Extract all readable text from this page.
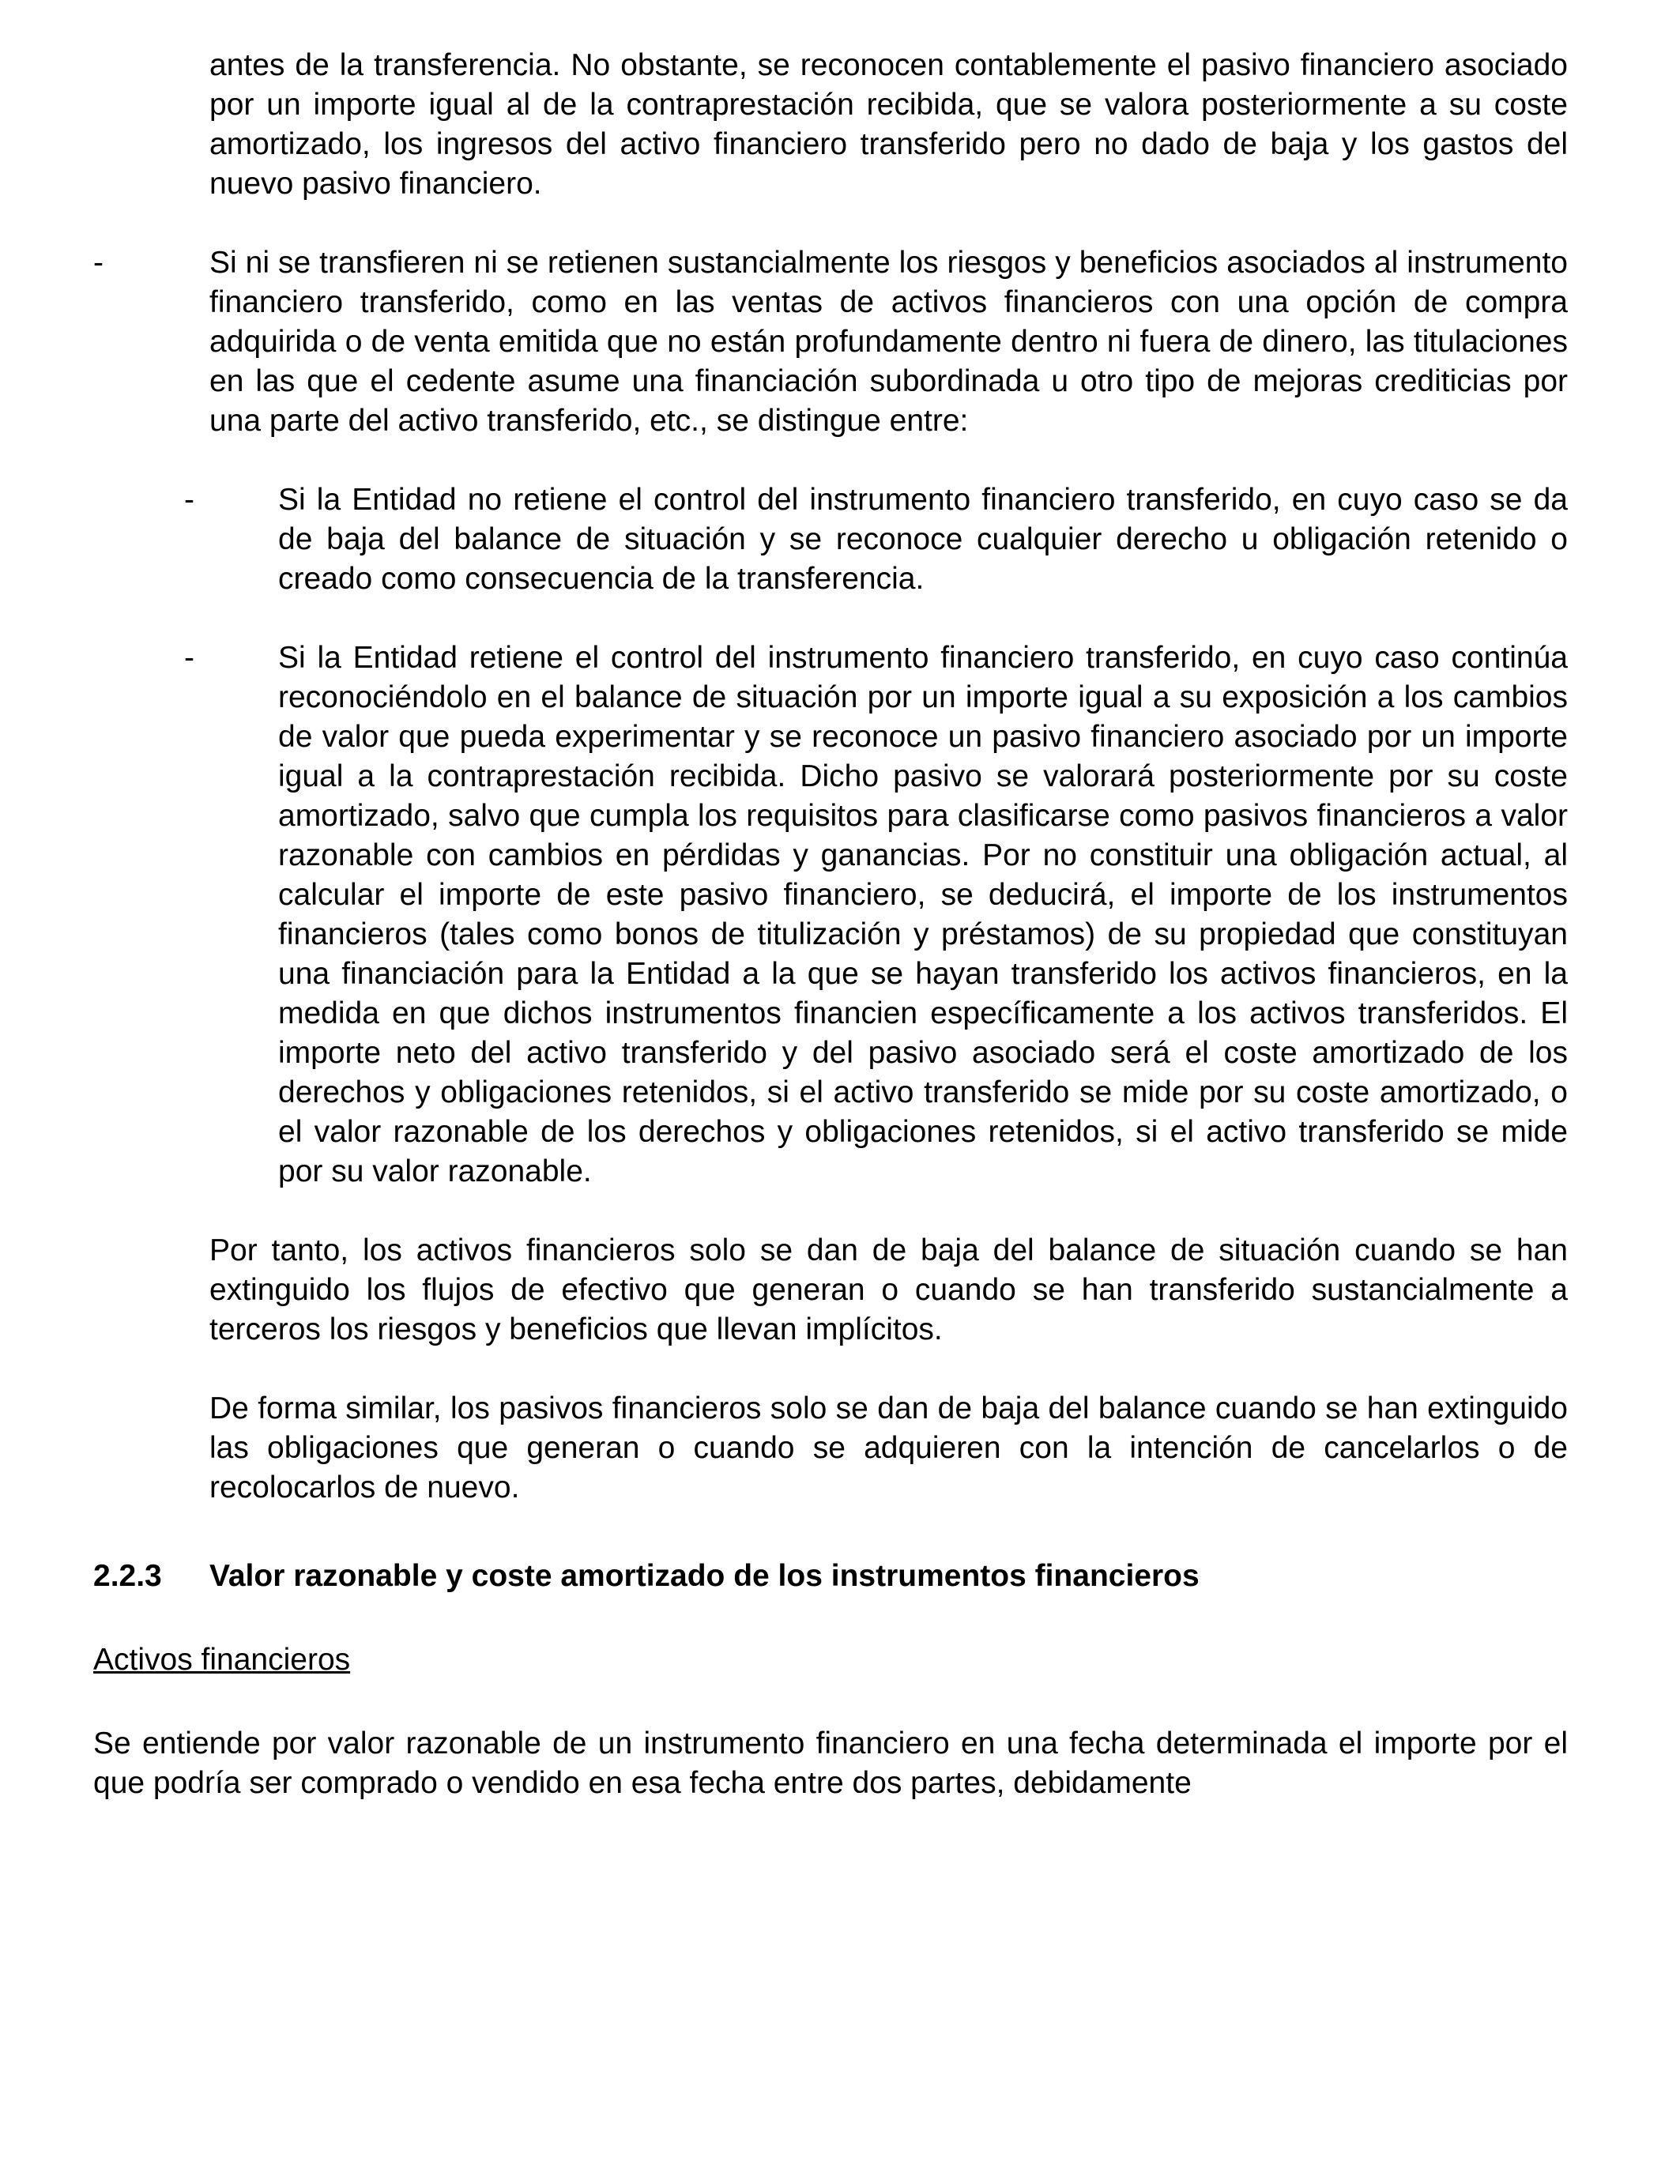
antes de la transferencia. No obstante, se reconocen contablemente el pasivo financiero asociado por un importe igual al de la contraprestación recibida, que se valora posteriormente a su coste amortizado, los ingresos del activo financiero transferido pero no dado de baja y los gastos del nuevo pasivo financiero.
-	Si ni se transfieren ni se retienen sustancialmente los riesgos y beneficios asociados al instrumento financiero transferido, como en las ventas de activos financieros con una opción de compra adquirida o de venta emitida que no están profundamente dentro ni fuera de dinero, las titulaciones en las que el cedente asume una financiación subordinada u otro tipo de mejoras crediticias por una parte del activo transferido, etc., se distingue entre:
-	Si la Entidad no retiene el control del instrumento financiero transferido, en cuyo caso se da de baja del balance de situación y se reconoce cualquier derecho u obligación retenido o creado como consecuencia de la transferencia.
-	Si la Entidad retiene el control del instrumento financiero transferido, en cuyo caso continúa reconociéndolo en el balance de situación por un importe igual a su exposición a los cambios de valor que pueda experimentar y se reconoce un pasivo financiero asociado por un importe igual a la contraprestación recibida. Dicho pasivo se valorará posteriormente por su coste amortizado, salvo que cumpla los requisitos para clasificarse como pasivos financieros a valor razonable con cambios en pérdidas y ganancias. Por no constituir una obligación actual, al calcular el importe de este pasivo financiero, se deducirá, el importe de los instrumentos financieros (tales como bonos de titulización y préstamos) de su propiedad que constituyan una financiación para la Entidad a la que se hayan transferido los activos financieros, en la medida en que dichos instrumentos financien específicamente a los activos transferidos. El importe neto del activo transferido y del pasivo asociado será el coste amortizado de los derechos y obligaciones retenidos, si el activo transferido se mide por su coste amortizado, o el valor razonable de los derechos y obligaciones retenidos, si el activo transferido se mide por su valor razonable.
Por tanto, los activos financieros solo se dan de baja del balance de situación cuando se han extinguido los flujos de efectivo que generan o cuando se han transferido sustancialmente a terceros los riesgos y beneficios que llevan implícitos.
De forma similar, los pasivos financieros solo se dan de baja del balance cuando se han extinguido las obligaciones que generan o cuando se adquieren con la intención de cancelarlos o de recolocarlos de nuevo.
2.2.3	Valor razonable y coste amortizado de los instrumentos financieros
Activos financieros
Se entiende por valor razonable de un instrumento financiero en una fecha determinada el importe por el que podría ser comprado o vendido en esa fecha entre dos partes, debidamente
